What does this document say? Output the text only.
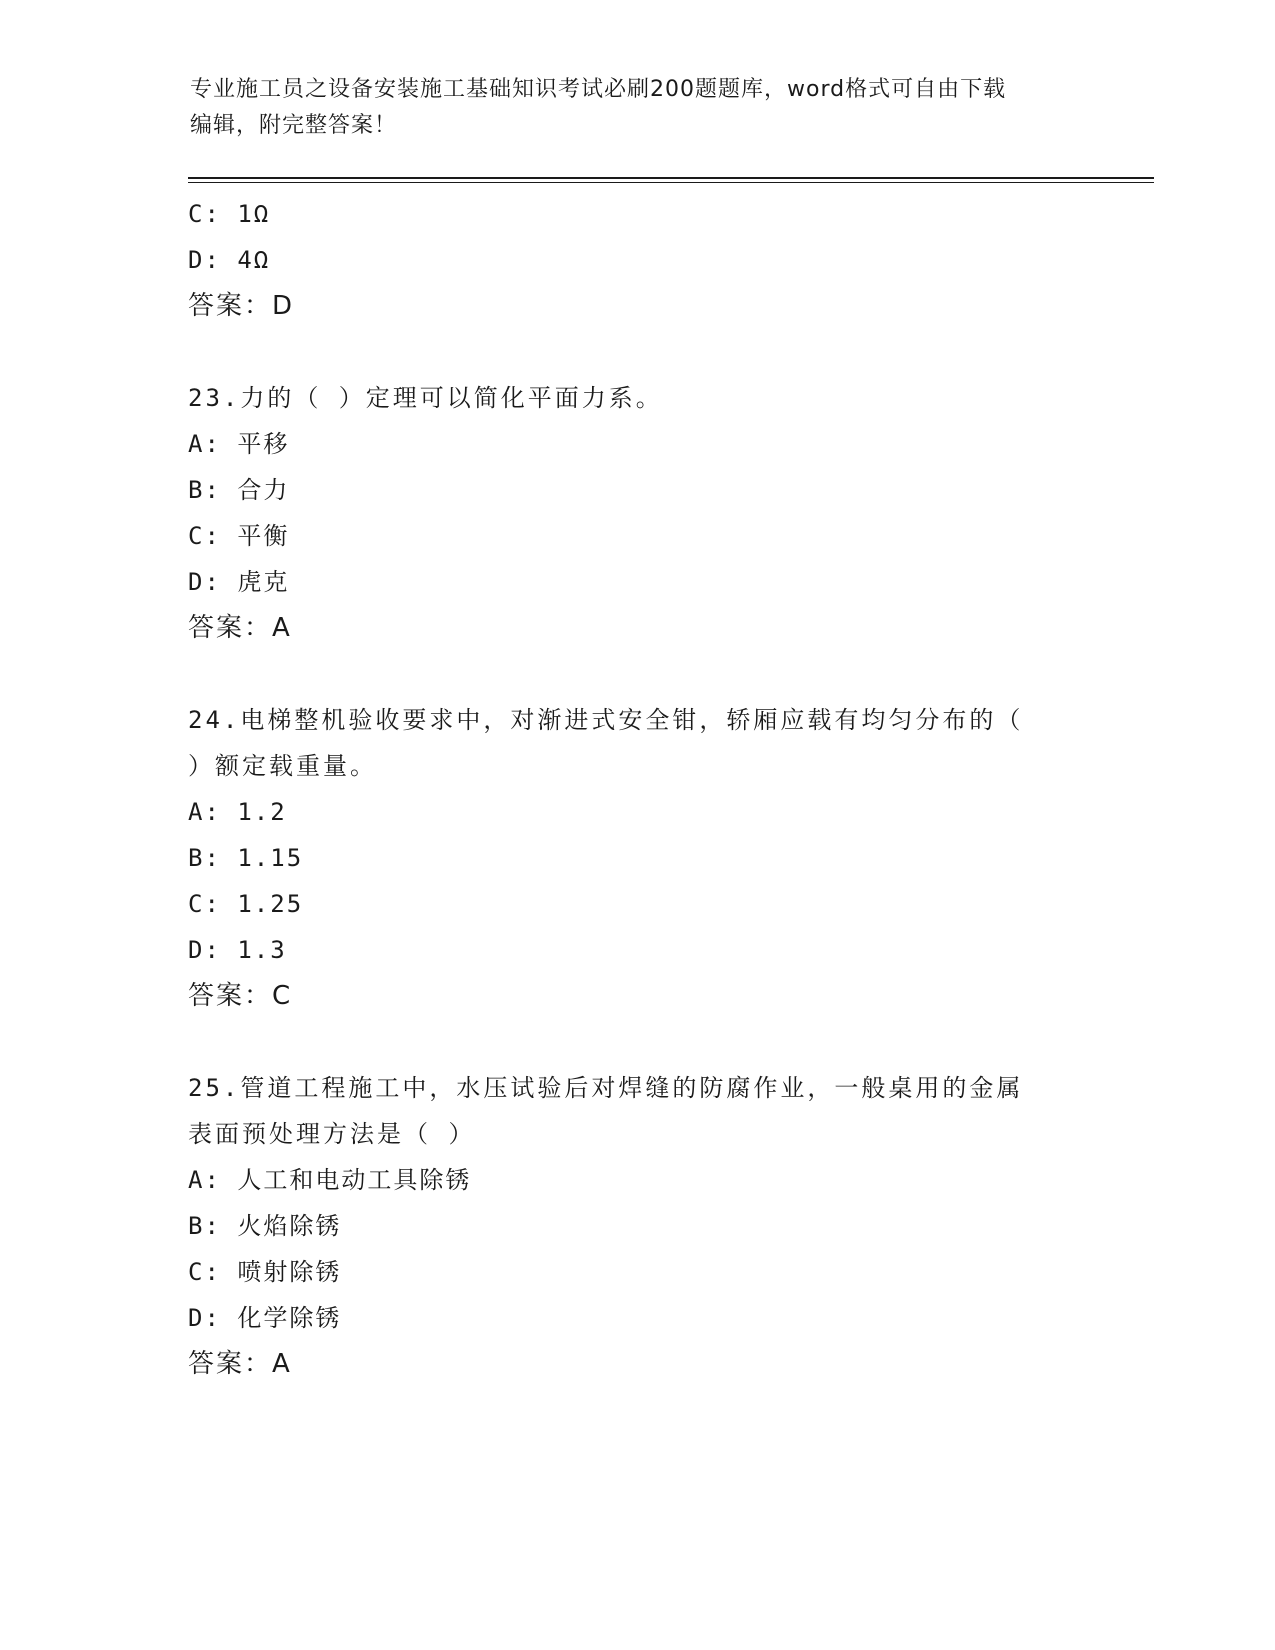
专业施工员之设备安装施工基础知识考试必刷200题题库，word格式可自由下载
编辑，附完整答案！
C: 1Ω
D: 4Ω
答案：D
23.力的（ ）定理可以简化平面力系。
A: 平移
B: 合力
C: 平衡
D: 虎克
答案：A
24.电梯整机验收要求中，对渐进式安全钳，轿厢应载有均匀分布的（
）额定载重量。
A: 1.2
B: 1.15
C: 1.25
D: 1.3
答案：C
25.管道工程施工中，水压试验后对焊缝的防腐作业，一般桌用的金属
表面预处理方法是（ ）
A: 人工和电动工具除锈
B: 火焰除锈
C: 喷射除锈
D: 化学除锈
答案：A
